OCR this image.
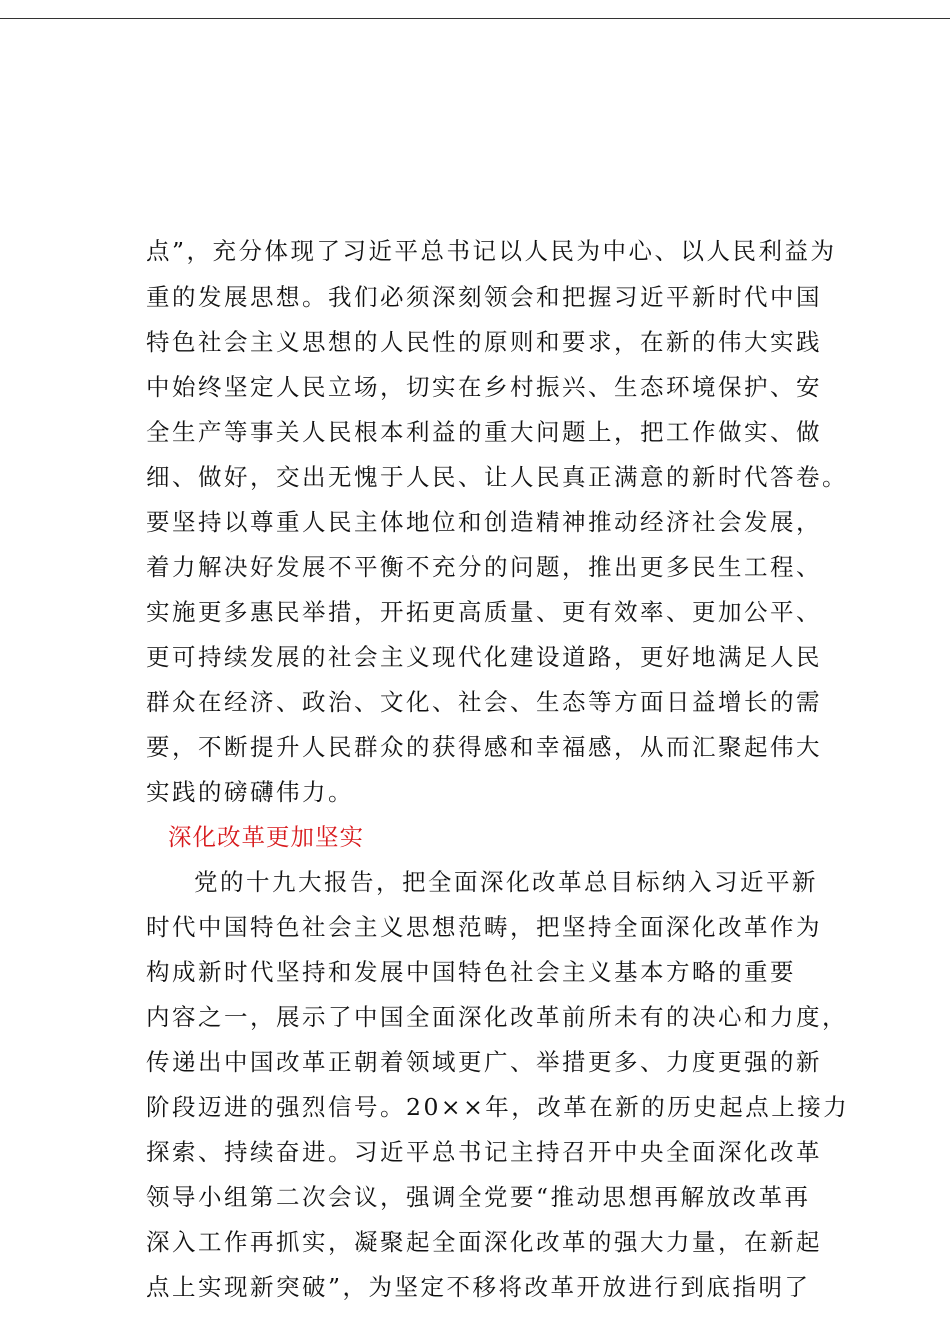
点”，充分体现了习近平总书记以人民为中心、以人民利益为
重的发展思想。我们必须深刻领会和把握习近平新时代中国
特色社会主义思想的人民性的原则和要求，在新的伟大实践
中始终坚定人民立场，切实在乡村振兴、生态环境保护、安
全生产等事关人民根本利益的重大问题上，把工作做实、做
细、做好，交出无愧于人民、让人民真正满意的新时代答卷。
要坚持以尊重人民主体地位和创造精神推动经济社会发展，
着力解决好发展不平衡不充分的问题，推出更多民生工程、
实施更多惠民举措，开拓更高质量、更有效率、更加公平、
更可持续发展的社会主义现代化建设道路，更好地满足人民
群众在经济、政治、文化、社会、生态等方面日益增长的需
要，不断提升人民群众的获得感和幸福感，从而汇聚起伟大
实践的磅礴伟力。
深化改革更加坚实
党的十九大报告，把全面深化改革总目标纳入习近平新
时代中国特色社会主义思想范畴，把坚持全面深化改革作为
构成新时代坚持和发展中国特色社会主义基本方略的重要
内容之一，展示了中国全面深化改革前所未有的决心和力度，
传递出中国改革正朝着领域更广、举措更多、力度更强的新
阶段迈进的强烈信号。20××年，改革在新的历史起点上接力
探索、持续奋进。习近平总书记主持召开中央全面深化改革
领导小组第二次会议，强调全党要“推动思想再解放改革再
深入工作再抓实，凝聚起全面深化改革的强大力量，在新起
点上实现新突破”，为坚定不移将改革开放进行到底指明了
